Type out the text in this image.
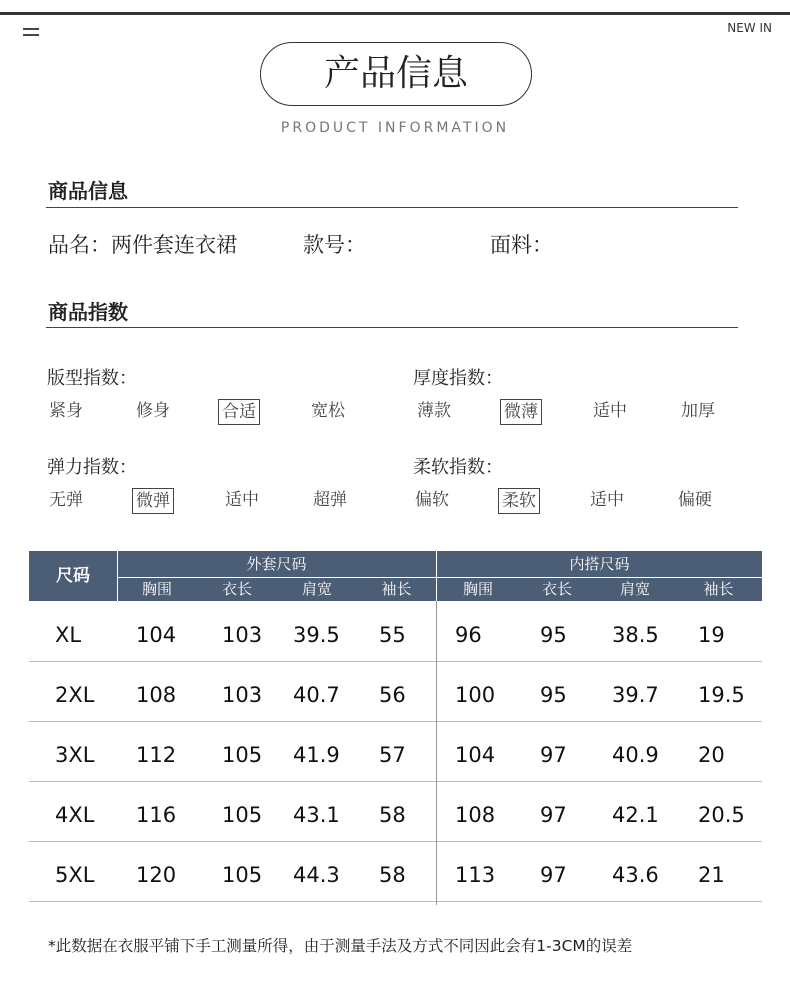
NEW IN
产品信息
PRODUCT INFORMATION
商品信息
品名：两件套连衣裙	款号：	面料：
商品指数
版型指数：
紧身	修身	合适	宽松
厚度指数：
薄款	微薄	适中	加厚
弹力指数：
无弹	微弹	适中	超弹
柔软指数：
偏软	柔软	适中	偏硬
尺码
外套尺码	内搭尺码
胸围	衣长	肩宽	袖长	胸围	衣长	肩宽	袖长
XL	104 103 39.5 55 96	95 38.5 19
2XL 108 103 40.7 56 100 95 39.7 19.5
3XL 112 105 41.9 57 104 97 40.9 20
4XL 116 105 43.1 58 108 97 42.1 20.5
5XL 120 105 44.3 58 113 97 43.6 21
*此数据在衣服平铺下手工测量所得，由于测量手法及方式不同因此会有1-3CM的误差
